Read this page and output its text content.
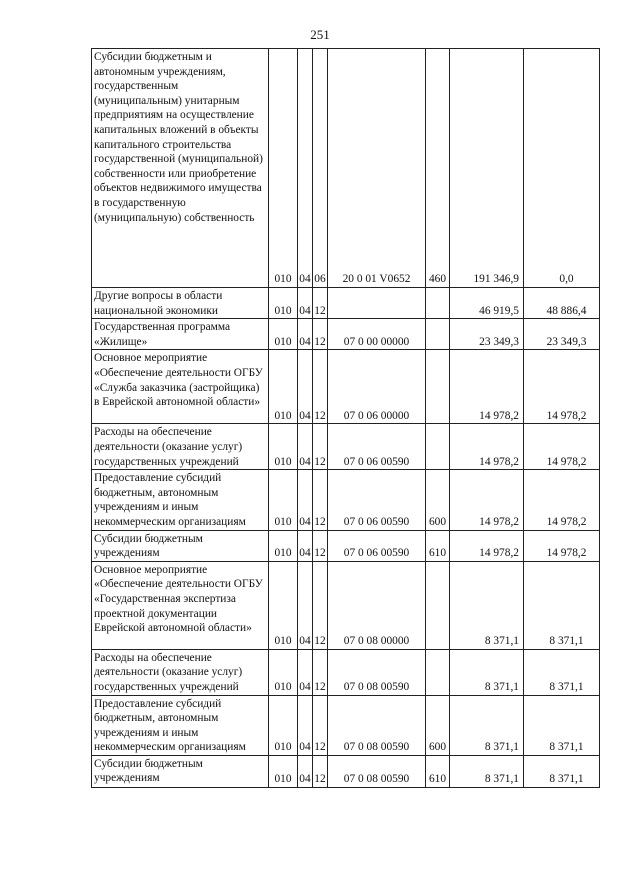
251
Субсидии бюджетным и автономным учреждениям, государственным (муниципальным) унитарным предприятиям на осуществление капитальных вложений в объекты капитального строительства государственной (муниципальной) собственности или приобретение объектов недвижимого имущества в государственную (муниципальную) собственность	010	04	06	20 0 01 V0652	460	191 346,9	0,0
Другие вопросы в области национальной экономики	010	04	12			46 919,5	48 886,4
Государственная программа «Жилище»	010	04	12	07 0 00 00000		23 349,3	23 349,3
Основное мероприятие «Обеспечение деятельности ОГБУ «Служба заказчика (застройщика) в Еврейской автономной области»	010	04	12	07 0 06 00000		14 978,2	14 978,2
Расходы на обеспечение деятельности (оказание услуг) государственных учреждений	010	04	12	07 0 06 00590		14 978,2	14 978,2
Предоставление субсидий бюджетным, автономным учреждениям и иным некоммерческим организациям	010	04	12	07 0 06 00590	600	14 978,2	14 978,2
Субсидии бюджетным учреждениям	010	04	12	07 0 06 00590	610	14 978,2	14 978,2
Основное мероприятие «Обеспечение деятельности ОГБУ «Государственная экспертиза проектной документации Еврейской автономной области»	010	04	12	07 0 08 00000		8 371,1	8 371,1
Расходы на обеспечение деятельности (оказание услуг) государственных учреждений	010	04	12	07 0 08 00590		8 371,1	8 371,1
Предоставление субсидий бюджетным, автономным учреждениям и иным некоммерческим организациям	010	04	12	07 0 08 00590	600	8 371,1	8 371,1
Субсидии бюджетным учреждениям	010	04	12	07 0 08 00590	610	8 371,1	8 371,1
